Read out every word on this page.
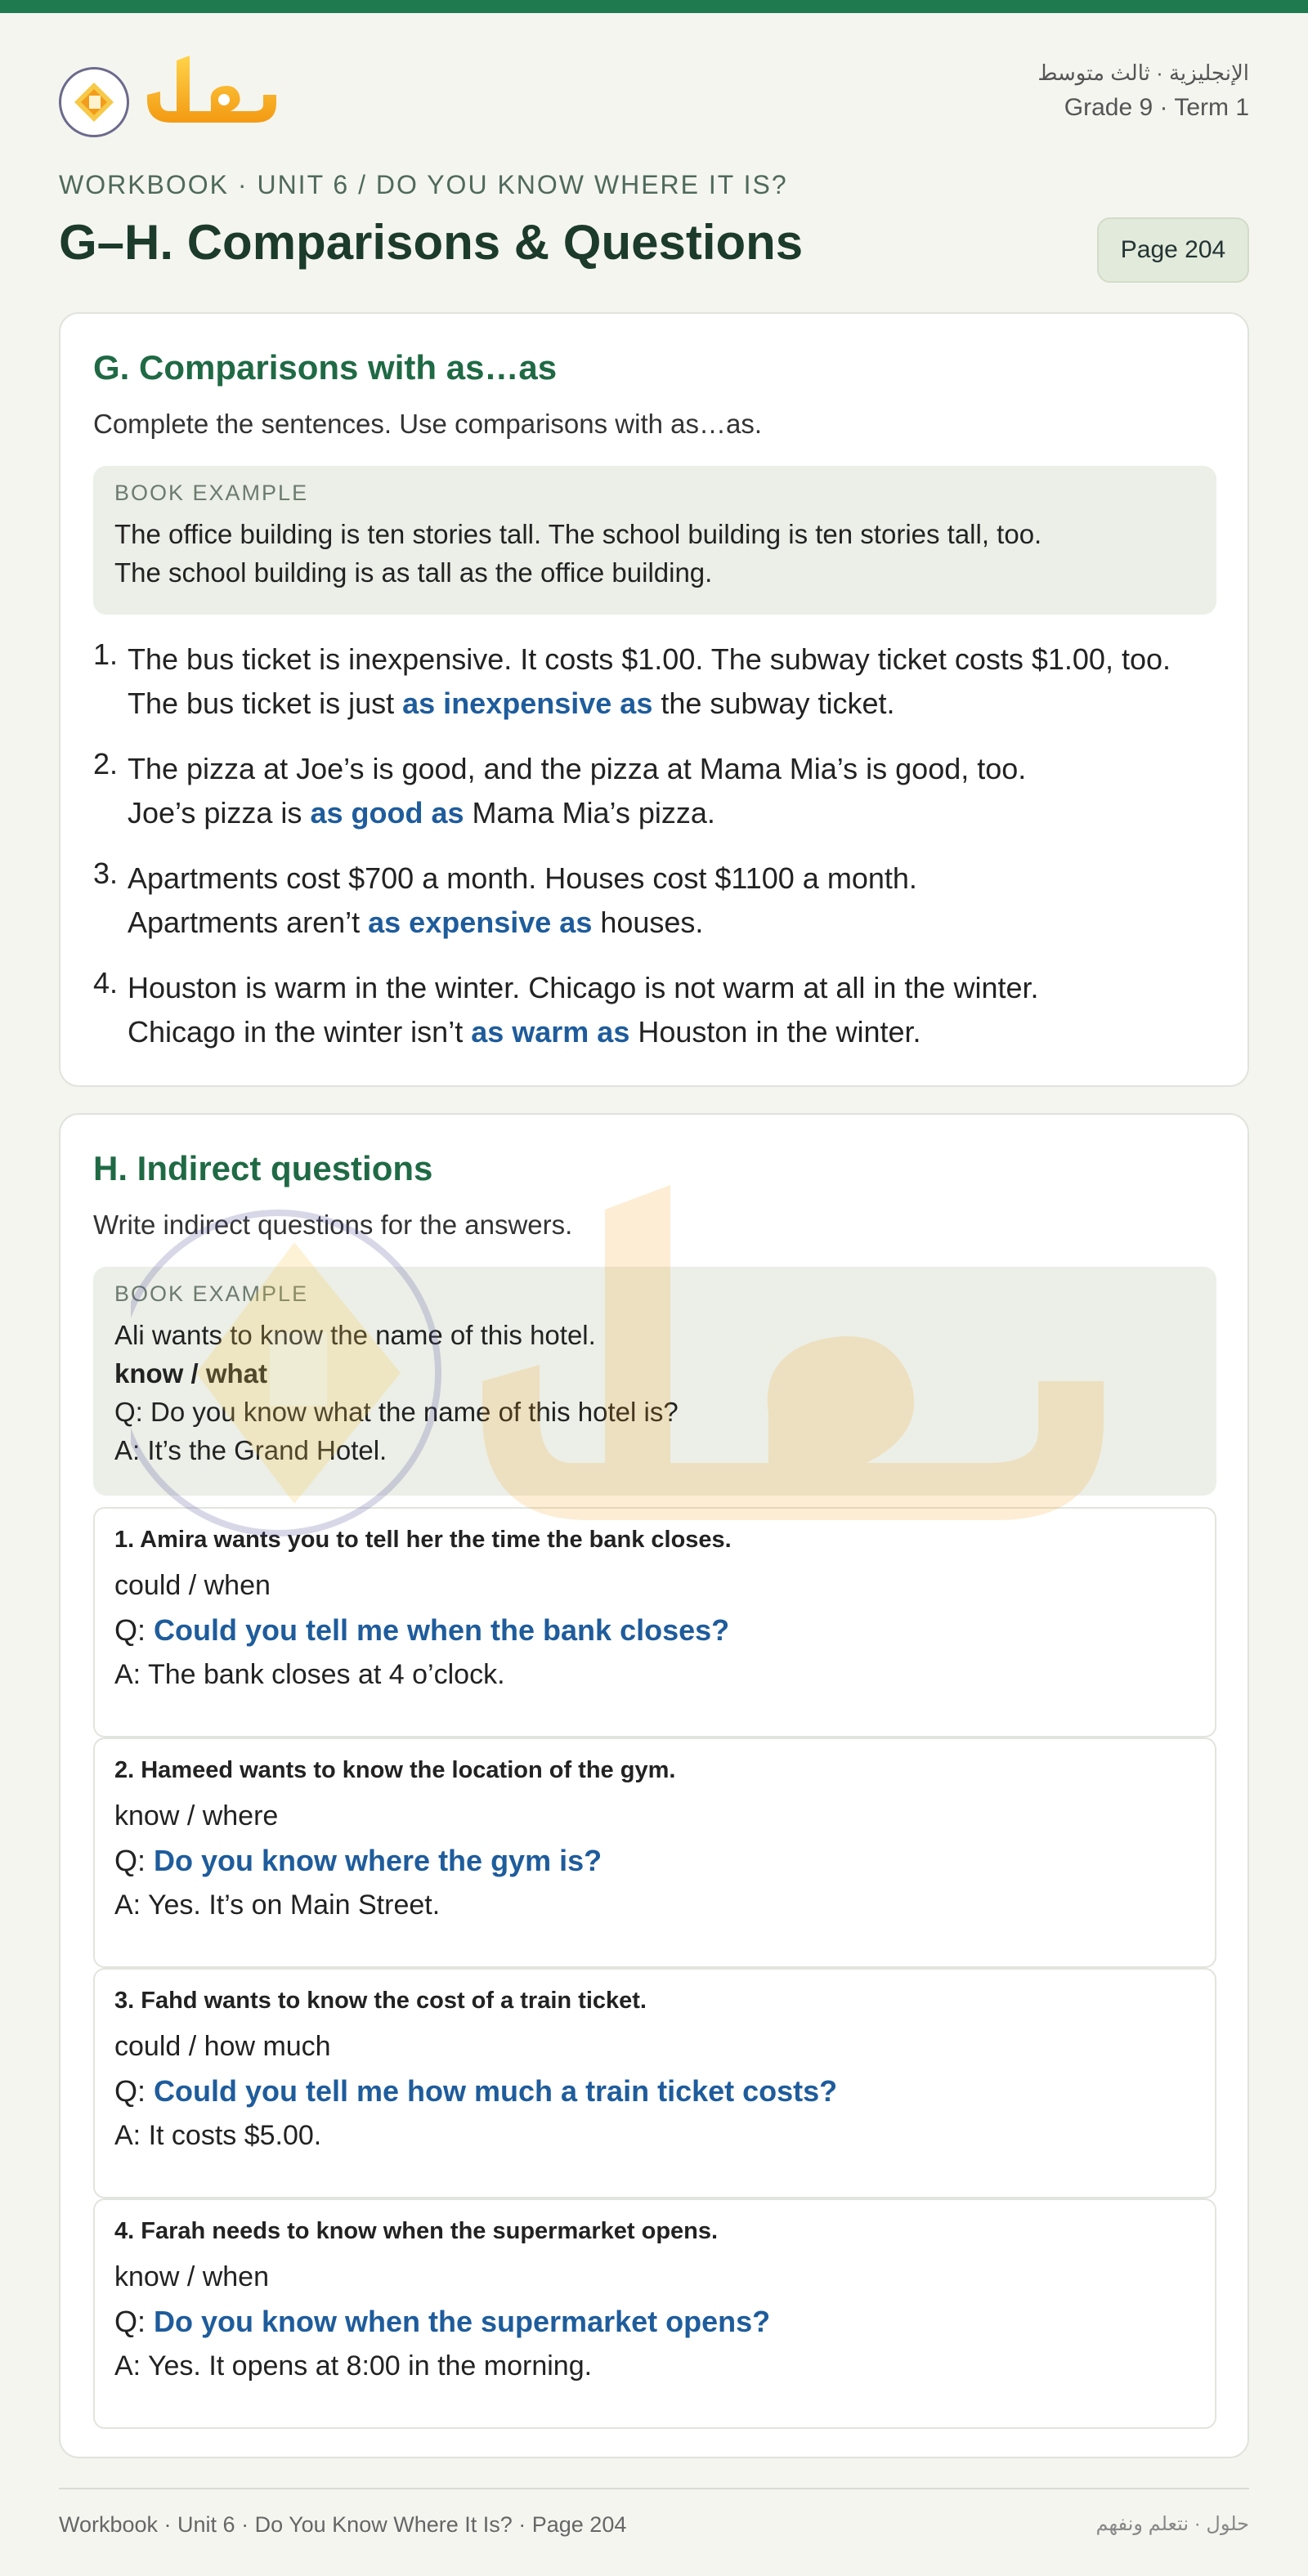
الإنجليزية · ثالث متوسط
Grade 9 · Term 1
WORKBOOK · UNIT 6 / DO YOU KNOW WHERE IT IS?
G–H. Comparisons & Questions	Page 204
G. Comparisons with as…as
Complete the sentences. Use comparisons with as…as.
BOOK EXAMPLE
The office building is ten stories tall. The school building is ten stories tall, too.
The school building is as tall as the office building.
1. The bus ticket is inexpensive. It costs $1.00. The subway ticket costs $1.00, too.
The bus ticket is just as inexpensive as the subway ticket.
2. The pizza at Joe’s is good, and the pizza at Mama Mia’s is good, too.
Joe’s pizza is as good as Mama Mia’s pizza.
3. Apartments cost $700 a month. Houses cost $1100 a month.
Apartments aren’t as expensive as houses.
4. Houston is warm in the winter. Chicago is not warm at all in the winter.
Chicago in the winter isn’t as warm as Houston in the winter.
H. Indirect questions
Write indirect questions for the answers.
BOOK EXAMPLE
Ali wants to know the name of this hotel.
know / what
Q: Do you know what the name of this hotel is?
A: It’s the Grand Hotel.
1. Amira wants you to tell her the time the bank closes.
could / when
Q: Could you tell me when the bank closes?
A: The bank closes at 4 o’clock.
2. Hameed wants to know the location of the gym.
know / where
Q: Do you know where the gym is?
A: Yes. It’s on Main Street.
3. Fahd wants to know the cost of a train ticket.
could / how much
Q: Could you tell me how much a train ticket costs?
A: It costs $5.00.
4. Farah needs to know when the supermarket opens.
know / when
Q: Do you know when the supermarket opens?
A: Yes. It opens at 8:00 in the morning.
Workbook · Unit 6 · Do You Know Where It Is? · Page 204	حلول · نتعلم ونفهم
